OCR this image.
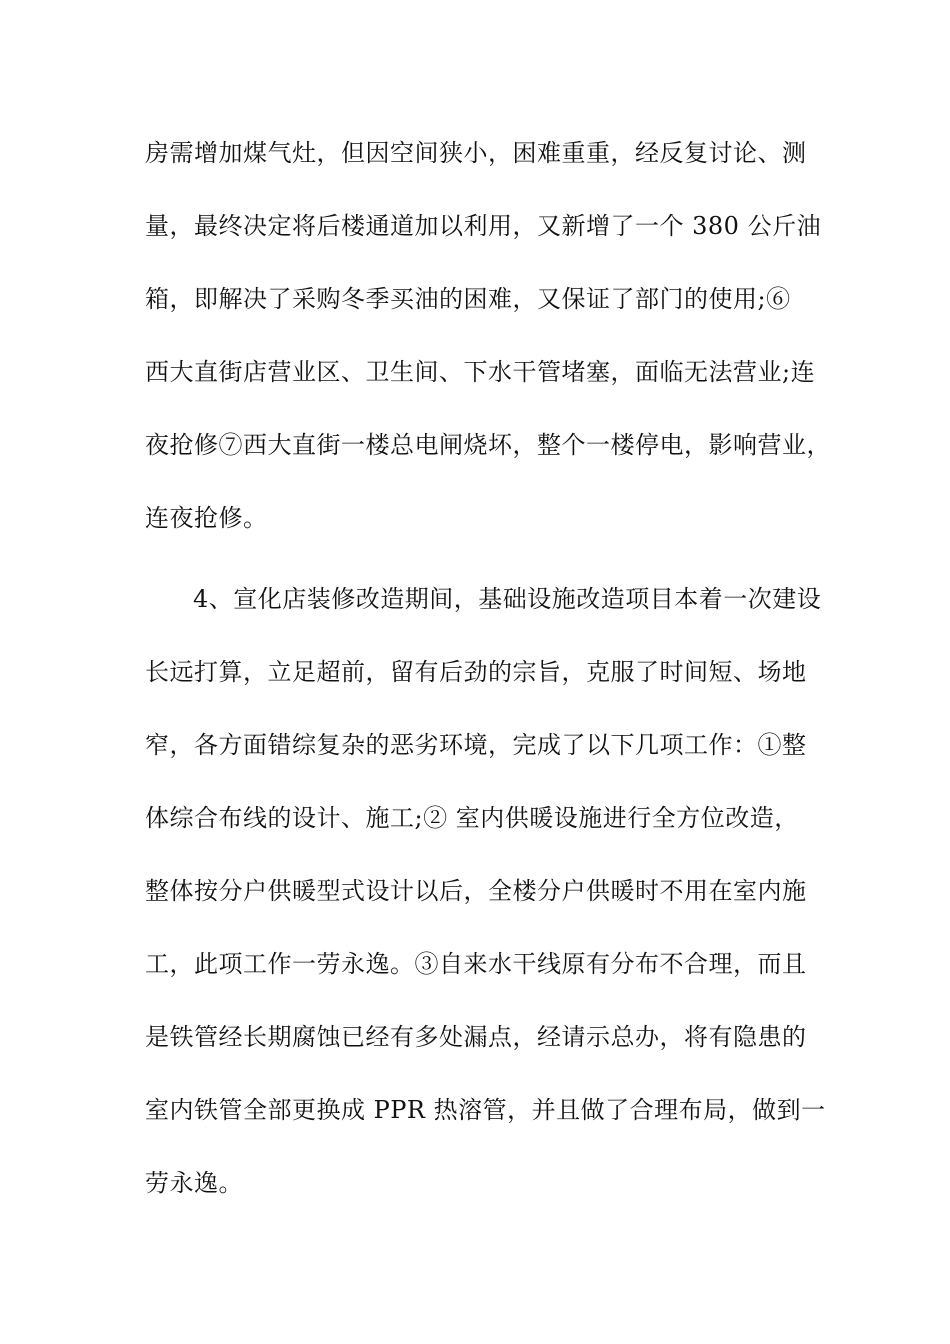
房需增加煤气灶，但因空间狭小，困难重重，经反复讨论、测
量，最终决定将后楼通道加以利用，又新增了一个 380 公斤油
箱，即解决了采购冬季买油的困难，又保证了部门的使用;⑥
西大直街店营业区、卫生间、下水干管堵塞，面临无法营业;连
夜抢修⑦西大直街一楼总电闸烧坏，整个一楼停电，影响营业，
连夜抢修。
4、宣化店装修改造期间，基础设施改造项目本着一次建设
长远打算，立足超前，留有后劲的宗旨，克服了时间短、场地
窄，各方面错综复杂的恶劣环境，完成了以下几项工作：①整
体综合布线的设计、施工;② 室内供暖设施进行全方位改造，
整体按分户供暖型式设计以后，全楼分户供暖时不用在室内施
工，此项工作一劳永逸。③自来水干线原有分布不合理，而且
是铁管经长期腐蚀已经有多处漏点，经请示总办，将有隐患的
室内铁管全部更换成 PPR 热溶管，并且做了合理布局，做到一
劳永逸。
